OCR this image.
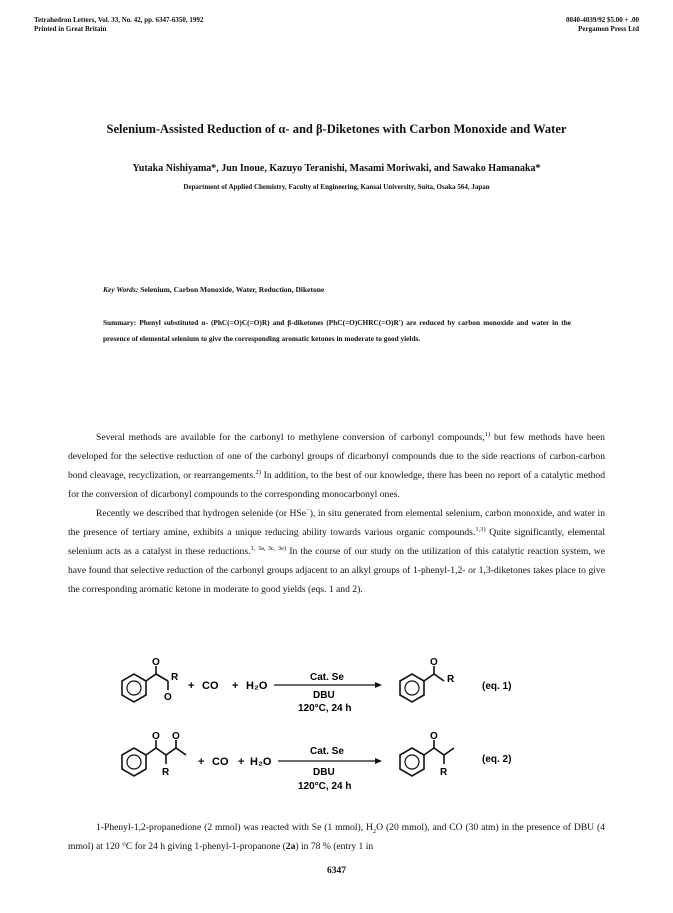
Tetrahedron Letters, Vol. 33, No. 42, pp. 6347-6350, 1992
Printed in Great Britain
0040-4039/92 $5.00 + .00
Pergamon Press Ltd
Selenium-Assisted Reduction of α- and β-Diketones with Carbon Monoxide and Water
Yutaka Nishiyama*, Jun Inoue, Kazuyo Teranishi, Masami Moriwaki, and Sawako Hamanaka*
Department of Applied Chemistry, Faculty of Engineering, Kansai University, Suita, Osaka 564, Japan
Key Words: Selenium, Carbon Monoxide, Water, Reduction, Diketone
Summary: Phenyl substituted α- (PhC(=O)C(=O)R) and β-diketones (PhC(=O)CHRC(=O)R') are reduced by carbon monoxide and water in the presence of elemental selenium to give the corresponding aromatic ketones in moderate to good yields.

Several methods are available for the carbonyl to methylene conversion of carbonyl compounds,$^{1)}$ but few methods have been developed for the selective reduction of one of the carbonyl groups of dicarbonyl compounds due to the side reactions of carbon-carbon bond cleavage, recyclization, or rearrangements.$^{2)}$ In addition, to the best of our knowledge, there has been no report of a catalytic method for the conversion of dicarbonyl compounds to the corresponding monocarbonyl ones.

Recently we described that hydrogen selenide (or HSe−), in situ generated from elemental selenium, carbon monoxide, and water in the presence of tertiary amine, exhibits a unique reducing ability towards various organic compounds.$^{1,3)}$ Quite significantly, elemental selenium acts as a catalyst in these reductions.$^{1, 3a, 3c, 3e)}$ In the course of our study on the utilization of this catalytic reaction system, we have found that selective reduction of the carbonyl groups adjacent to an alkyl groups of 1-phenyl-1,2- or 1,3-diketones takes place to give the corresponding aromatic ketone in moderate to good yields (eqs. 1 and 2).

O
O
R
+ CO + H₂O
Cat. Se
DBU
120°C, 24 h
O
R
(eq. 1)
O O
R
+ CO + H₂O
Cat. Se
DBU
120°C, 24 h
O
R
(eq. 2)

1-Phenyl-1,2-propanedione (2 mmol) was reacted with Se (1 mmol), $H_2O$ (20 mmol), and CO (30 atm) in the presence of DBU (4 mmol) at 120 °C for 24 h giving 1-phenyl-1-propanone (2a) in 78 % (entry 1 in

6347
